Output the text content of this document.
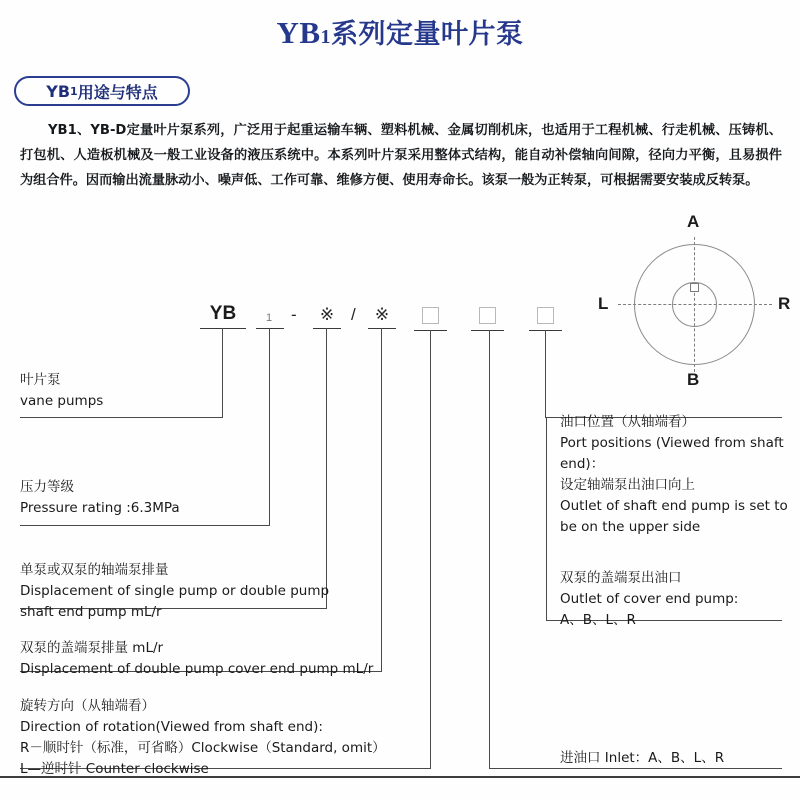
YB1系列定量叶片泵
YB 1 用途与特点
YB1、YB-D定量叶片泵系列，广泛用于起重运输车辆、塑料机械、金属切削机床，也适用于工程机械、行走机械、压铸机、打包机、人造板机械及一般工业设备的液压系统中。本系列叶片泵采用整体式结构，能自动补偿轴向间隙，径向力平衡，且易损件为组合件。因而输出流量脉动小、噪声低、工作可靠、维修方便、使用寿命长。该泵一般为正转泵，可根据需要安装成反转泵。
YB	1 - ※ / ※
叶片泵
vane pumps
压力等级
Pressure rating :6.3MPa
单泵或双泵的轴端泵排量
Displacement of single pump or double pump
shaft end pump mL/r
双泵的盖端泵排量 mL/r
Displacement of double pump cover end pump mL/r
旋转方向（从轴端看）
Direction of rotation(Viewed from shaft end):
R－顺时针（标准，可省略）Clockwise（Standard, omit）
L—逆时针 Counter clockwise
油口位置（从轴端看）
Port positions (Viewed from shaft
end)：
设定轴端泵出油口向上
Outlet of shaft end pump is set to
be on the upper side
双泵的盖端泵出油口
Outlet of cover end pump:
A、B、L、R
进油口 Inlet：A、B、L、R
A
B
L	R
